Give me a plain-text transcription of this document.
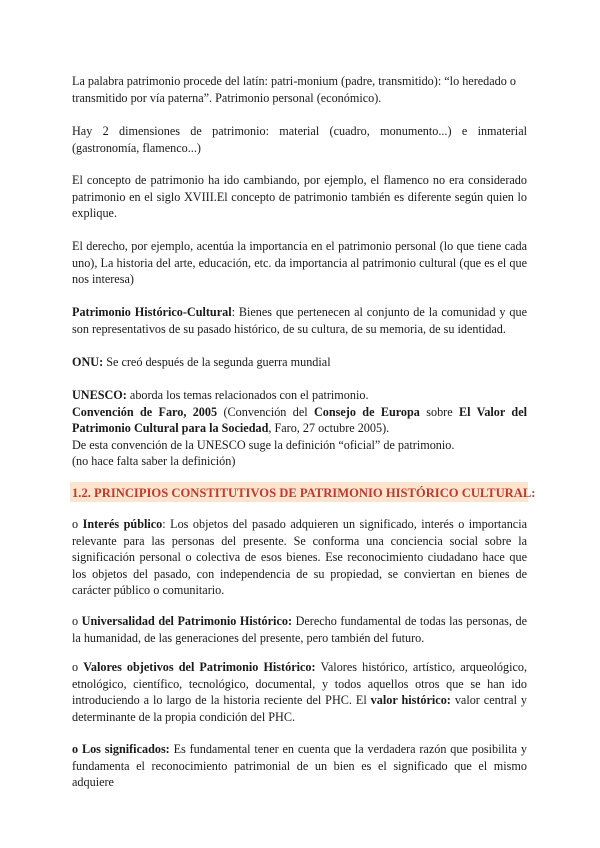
La palabra patrimonio procede del latín: patri-monium (padre, transmitido): “lo heredado o transmitido por vía paterna”. Patrimonio personal (económico).

Hay 2 dimensiones de patrimonio: material (cuadro, monumento...) e inmaterial (gastronomía, flamenco...)

El concepto de patrimonio ha ido cambiando, por ejemplo, el flamenco no era considerado patrimonio en el siglo XVIII.El concepto de patrimonio también es diferente según quien lo explique.

El derecho, por ejemplo, acentúa la importancia en el patrimonio personal (lo que tiene cada uno), La historia del arte, educación, etc. da importancia al patrimonio cultural (que es el que nos interesa)

Patrimonio Histórico-Cultural: Bienes que pertenecen al conjunto de la comunidad y que son representativos de su pasado histórico, de su cultura, de su memoria, de su identidad.

ONU: Se creó después de la segunda guerra mundial

UNESCO: aborda los temas relacionados con el patrimonio.
Convención de Faro, 2005 (Convención del Consejo de Europa sobre El Valor del Patrimonio Cultural para la Sociedad, Faro, 27 octubre 2005).
De esta convención de la UNESCO suge la definición “oficial” de patrimonio.
(no hace falta saber la definición)
1.2. PRINCIPIOS CONSTITUTIVOS DE PATRIMONIO HISTÓRICO CULTURAL:

o Interés público: Los objetos del pasado adquieren un significado, interés o importancia relevante para las personas del presente. Se conforma una conciencia social sobre la significación personal o colectiva de esos bienes. Ese reconocimiento ciudadano hace que los objetos del pasado, con independencia de su propiedad, se conviertan en bienes de carácter público o comunitario.

o Universalidad del Patrimonio Histórico: Derecho fundamental de todas las personas, de la humanidad, de las generaciones del presente, pero también del futuro.

o Valores objetivos del Patrimonio Histórico: Valores histórico, artístico, arqueológico, etnológico, científico, tecnológico, documental, y todos aquellos otros que se han ido introduciendo a lo largo de la historia reciente del PHC. El valor histórico: valor central y determinante de la propia condición del PHC.

o Los significados: Es fundamental tener en cuenta que la verdadera razón que posibilita y fundamenta el reconocimiento patrimonial de un bien es el significado que el mismo adquiere
